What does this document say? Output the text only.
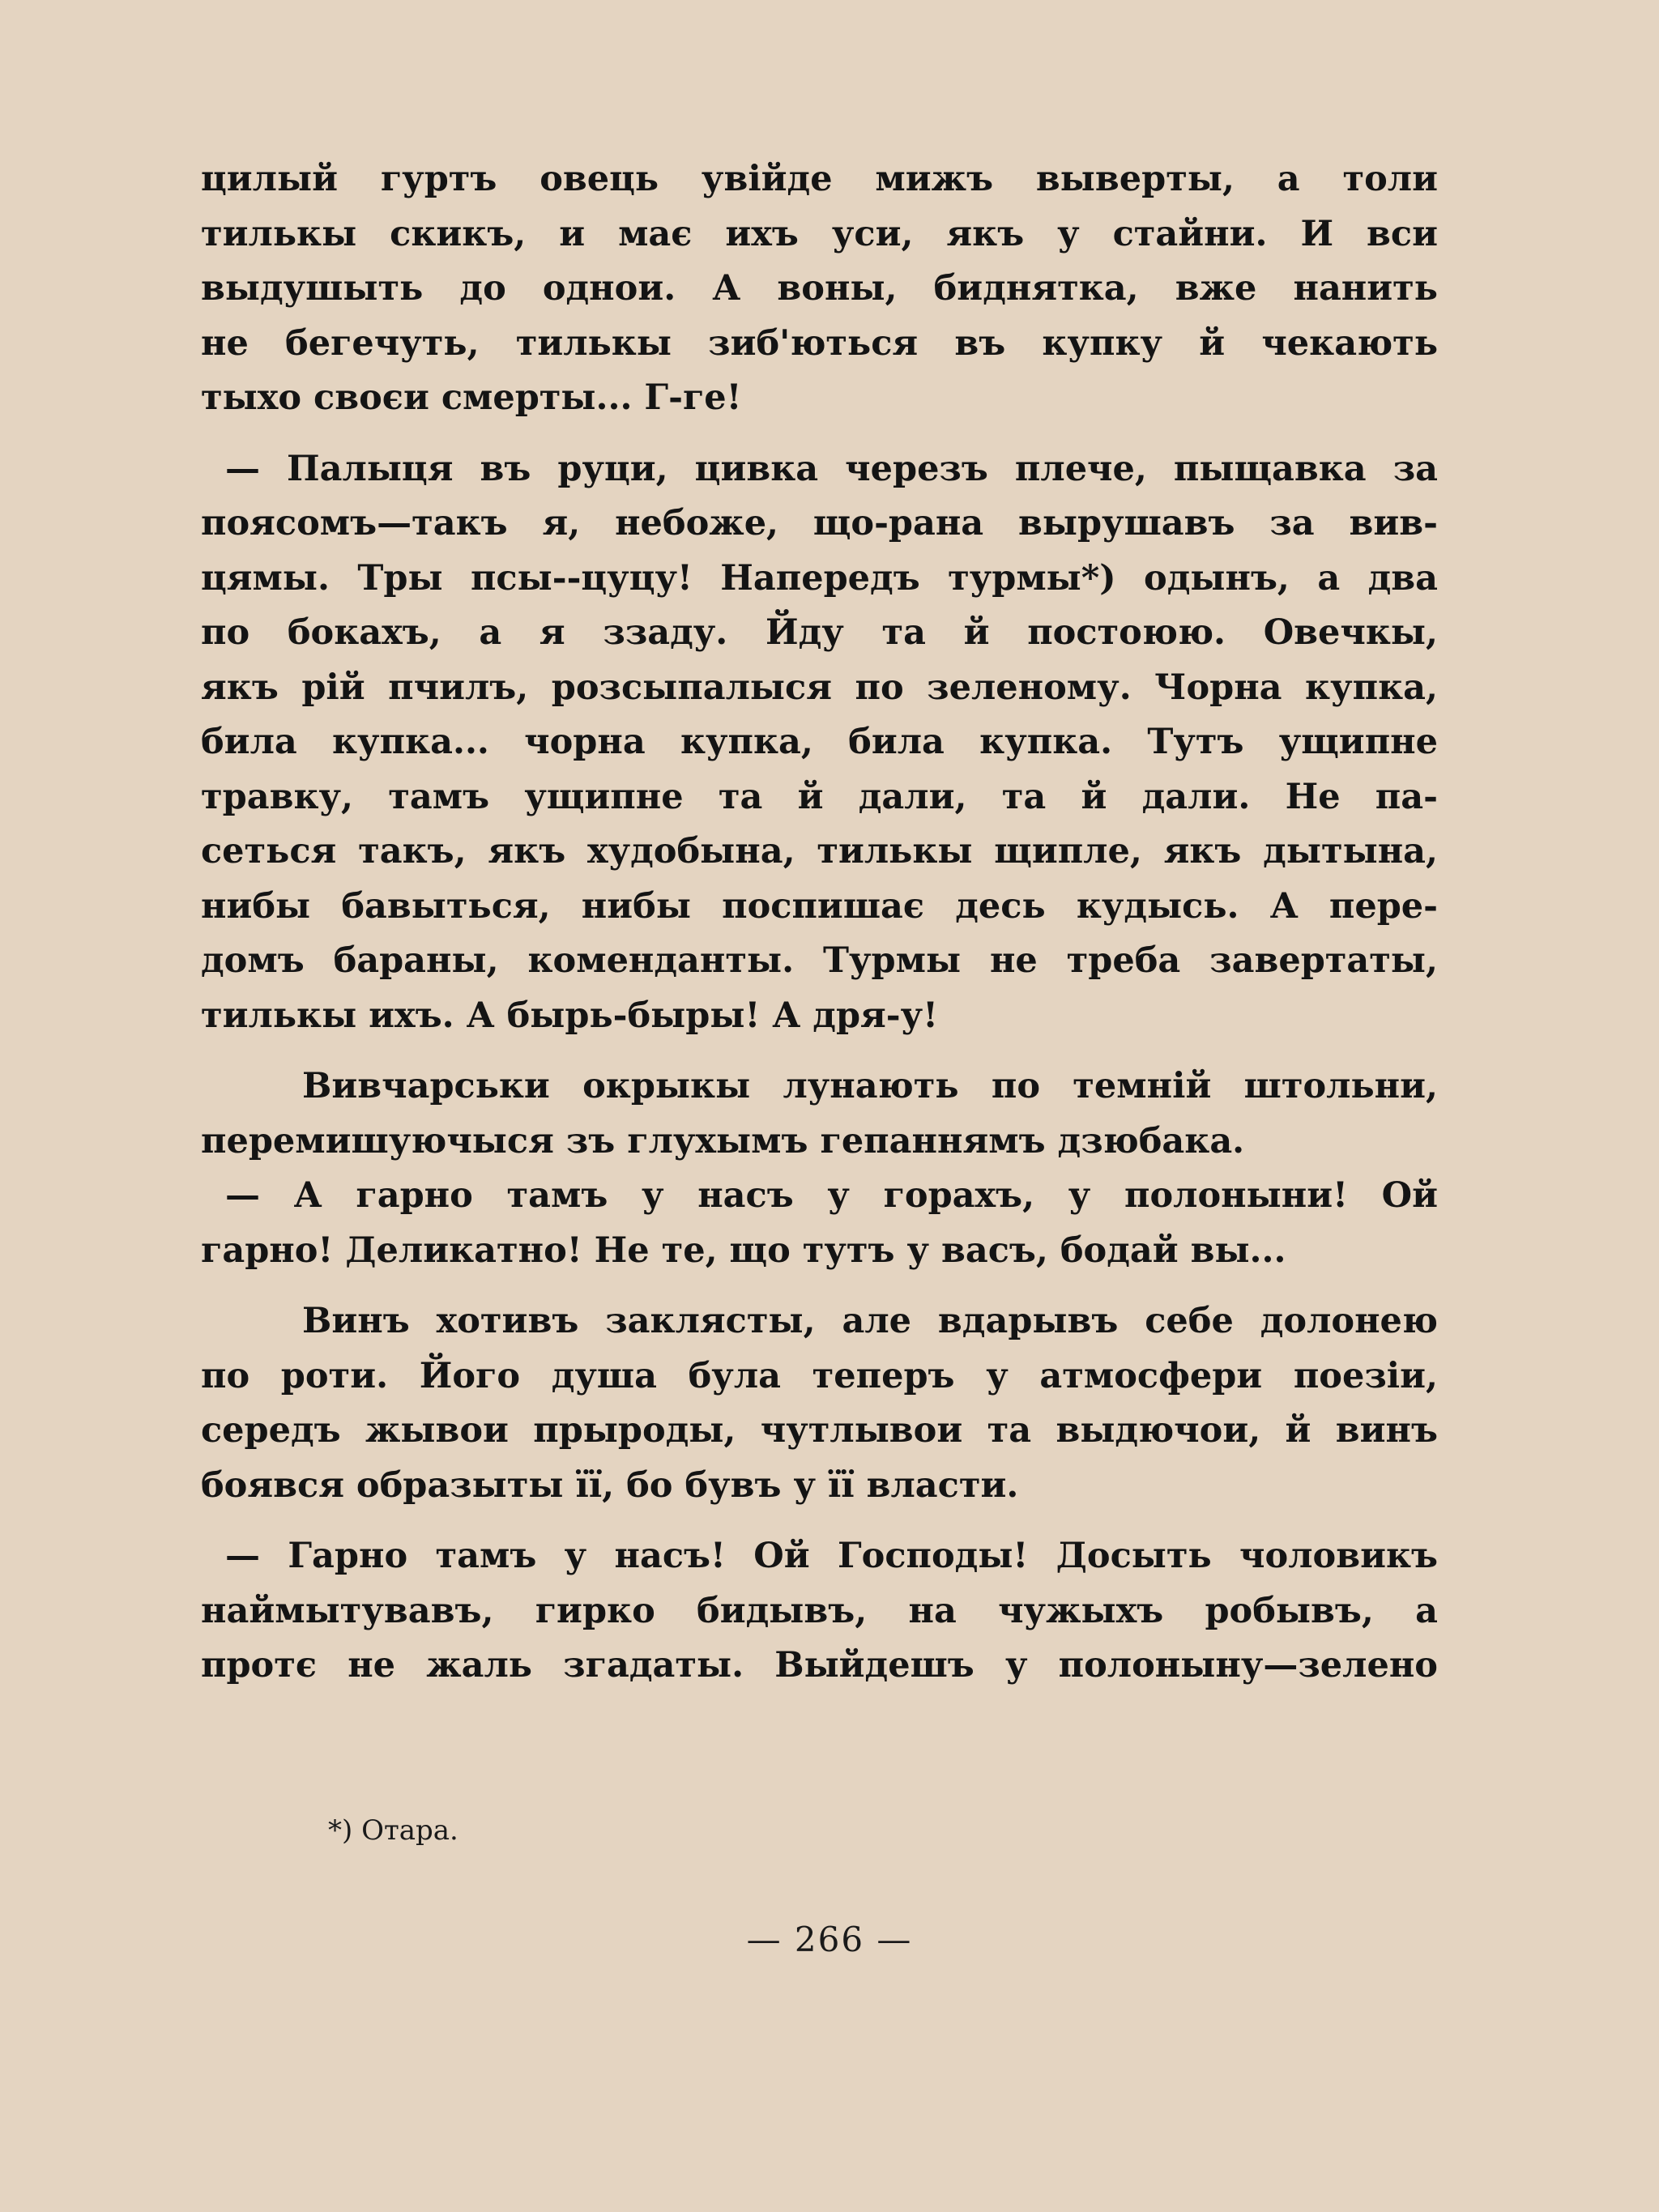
цилый гуртъ овець увійде мижъ выверты, а толи
тилькы скикъ, и має ихъ уси, якъ у стайни. И вси
выдушыть до однои. А воны, биднятка, вже нанить
не бегечуть, тилькы зиб'ються въ купку й чекають
тыхо своєи смерты... Г-ге!
— Палыця въ руци, цивка черезъ плече, пыщавка за
поясомъ—такъ я, небоже, що-рана вырушавъ за вив-
цямы. Тры псы--цуцу! Напередъ турмы*) одынъ, а два
по бокахъ, а я ззаду. Йду та й постоюю. Овечкы,
якъ рій пчилъ, розсыпалыся по зеленому. Чорна купка,
била купка... чорна купка, била купка. Тутъ ущипне
травку, тамъ ущипне та й дали, та й дали. Не па-
сеться такъ, якъ худобына, тилькы щипле, якъ дытына,
нибы бавыться, нибы поспишає десь кудысь. А пере-
домъ бараны, коменданты. Турмы не треба завертаты,
тилькы ихъ. А бырь-быры! А дря-у!
Вивчарськи окрыкы лунають по темній штольни,
перемишуючыся зъ глухымъ гепаннямъ дзюбака.
— А гарно тамъ у насъ у горахъ, у полоныни! Ой
гарно! Деликатно! Не те, що тутъ у васъ, бодай вы...
Винъ хотивъ заклясты, але вдарывъ себе долонею
по роти. Його душа була теперъ у атмосфери поезіи,
середъ жывои прыроды, чутлывои та выдючои, й винъ
боявся образыты її, бо бувъ у її власти.
— Гарно тамъ у насъ! Ой Господы! Досыть чоловикъ
наймытувавъ, гирко бидывъ, на чужыхъ робывъ, а
протє не жаль згадаты. Выйдешъ у полоныну—зелено
*) Отара.
— 266 —
